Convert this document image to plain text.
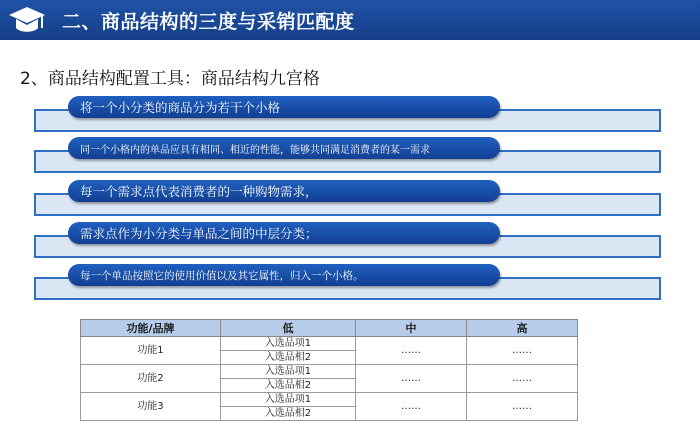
二、商品结构的三度与采销匹配度
2、商品结构配置工具：商品结构九宫格
将一个小分类的商品分为若干个小格
同一个小格内的单品应具有相同、相近的性能，能够共同满足消费者的某一需求
每一个需求点代表消费者的一种购物需求，
需求点作为小分类与单品之间的中层分类；
每一个单品按照它的使用价值以及其它属性，归入一个小格。
功能/品牌	低	中	高
功能1	入选品项1	……	……
	入选品相2		
功能2	入选品项1	……	……
	入选品相2		
功能3	入选品项1	……	……
	入选品相2		
